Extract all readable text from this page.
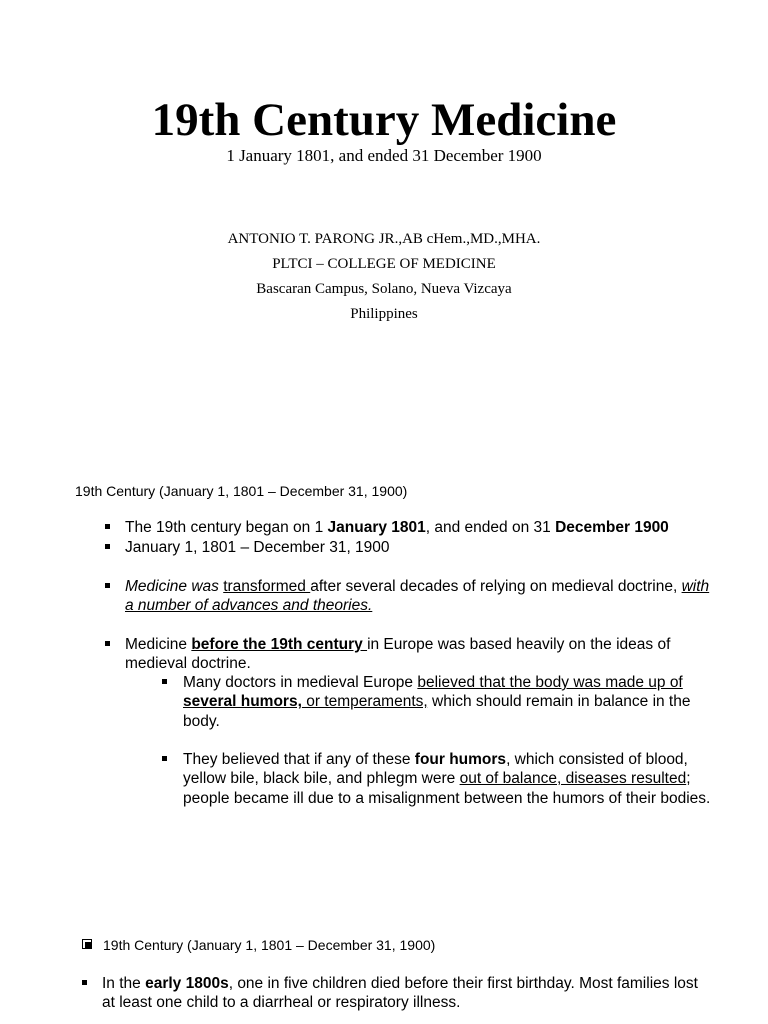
19th Century Medicine
1 January 1801, and ended 31 December 1900
ANTONIO T. PARONG JR.,AB cHem.,MD.,MHA.
PLTCI – COLLEGE OF MEDICINE
Bascaran Campus, Solano, Nueva Vizcaya
Philippines
19th Century (January 1, 1801 – December 31, 1900)
The 19th century began on 1 January 1801, and ended on 31 December 1900
January 1, 1801 – December 31, 1900
Medicine was transformed after several decades of relying on medieval doctrine, with a number of advances and theories.
Medicine before the 19th century in Europe was based heavily on the ideas of medieval doctrine.
Many doctors in medieval Europe believed that the body was made up of several humors, or temperaments, which should remain in balance in the body.
They believed that if any of these four humors, which consisted of blood, yellow bile, black bile, and phlegm were out of balance, diseases resulted; people became ill due to a misalignment between the humors of their bodies.
19th Century (January 1, 1801 – December 31, 1900)
In the early 1800s, one in five children died before their first birthday. Most families lost at least one child to a diarrheal or respiratory illness.
